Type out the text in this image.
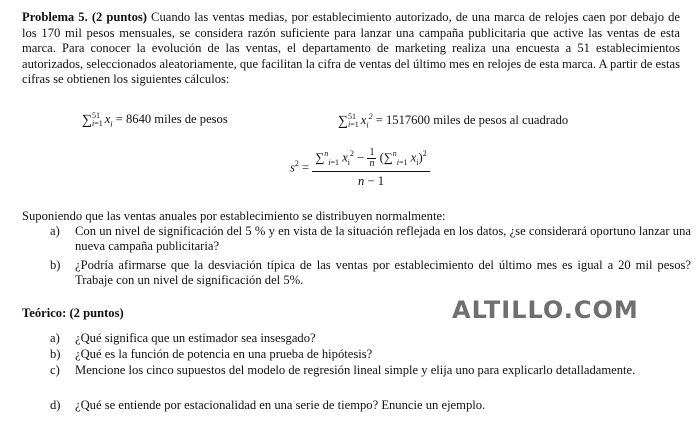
Problema 5. (2 puntos) Cuando las ventas medias, por establecimiento autorizado, de una marca de relojes caen por debajo de los 170 mil pesos mensuales, se considera razón suficiente para lanzar una campaña publicitaria que active las ventas de esta marca. Para conocer la evolución de las ventas, el departamento de marketing realiza una encuesta a 51 establecimientos autorizados, seleccionados aleatoriamente, que facilitan la cifra de ventas del último mes en relojes de esta marca. A partir de estas cifras se obtienen los siguientes cálculos:

∑ 51
i=1 $x_i = 8640$ miles de pesos	∑ 51
i=1 $x_i^2 = 1517600$ miles de pesos al cuadrado
$s^2 = \frac{\sum^n_{i=1} x_i^2 - \frac{1}{n} (\sum^n_{i=1} x_i)^2}{n - 1}$

Suponiendo que las ventas anuales por establecimiento se distribuyen normalmente:

a)	Con un nivel de significación del 5 % y en vista de la situación reflejada en los datos, ¿se considerará oportuno lanzar una nueva campaña publicitaria?
b)	¿Podría afirmarse que la desviación típica de las ventas por establecimiento del último mes es igual a 20 mil pesos? Trabaje con un nivel de significación del 5%.
Teórico: (2 puntos)	ALTILLO.COM
a)	¿Qué significa que un estimador sea insesgado?
b)	¿Qué es la función de potencia en una prueba de hipótesis?
c)	Mencione los cinco supuestos del modelo de regresión lineal simple y elija uno para explicarlo detalladamente.
d)	¿Qué se entiende por estacionalidad en una serie de tiempo? Enuncie un ejemplo.
